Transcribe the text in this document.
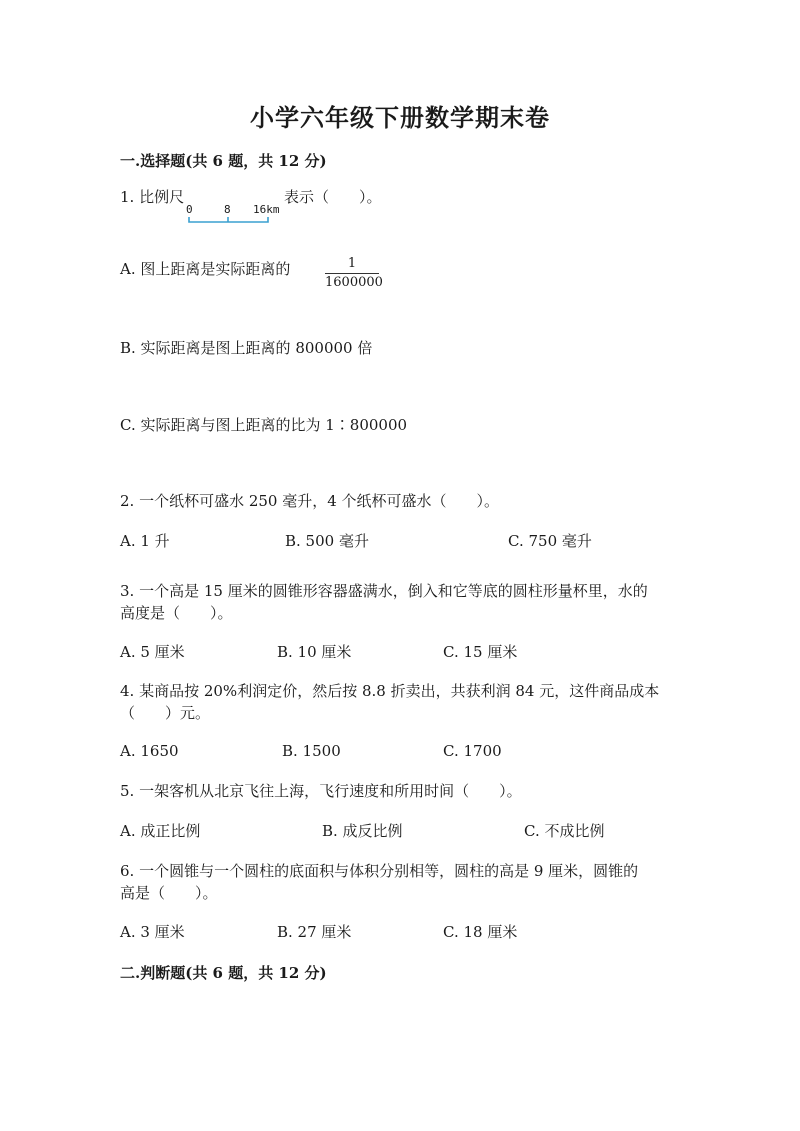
小学六年级下册数学期末卷
一.选择题(共 6 题，共 12 分)
1. 比例尺
0	8 16km
表示（　　）。
A. 图上距离是实际距离的	1
1600000
B. 实际距离是图上距离的 800000 倍
C. 实际距离与图上距离的比为 1∶800000
2. 一个纸杯可盛水 250 毫升，4 个纸杯可盛水（　　）。
A. 1 升	B. 500 毫升	C. 750 毫升
3. 一个高是 15 厘米的圆锥形容器盛满水，倒入和它等底的圆柱形量杯里，水的
高度是（　　）。
A. 5 厘米	B. 10 厘米	C. 15 厘米
4. 某商品按 20%利润定价，然后按 8.8 折卖出，共获利润 84 元，这件商品成本
（　　）元。
A. 1650	B. 1500	C. 1700
5. 一架客机从北京飞往上海，飞行速度和所用时间（　　）。
A. 成正比例	B. 成反比例	C. 不成比例
6. 一个圆锥与一个圆柱的底面积与体积分别相等，圆柱的高是 9 厘米，圆锥的
高是（　　）。
A. 3 厘米	B. 27 厘米	C. 18 厘米
二.判断题(共 6 题，共 12 分)
